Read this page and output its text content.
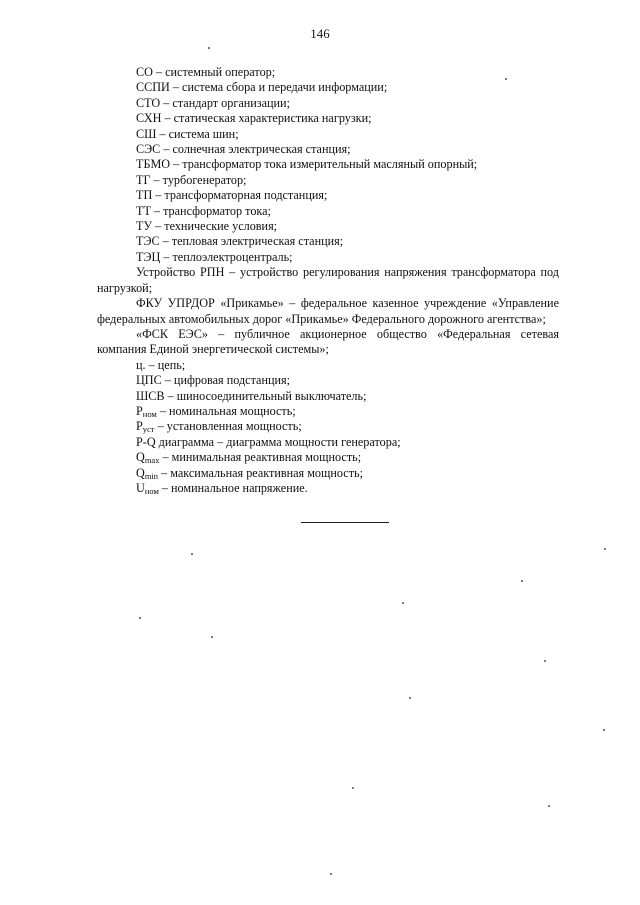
146
СО – системный оператор;
ССПИ – система сбора и передачи информации;
СТО – стандарт организации;
СХН – статическая характеристика нагрузки;
СШ – система шин;
СЭС – солнечная электрическая станция;
ТБМО – трансформатор тока измерительный масляный опорный;
ТГ – турбогенератор;
ТП – трансформаторная подстанция;
ТТ – трансформатор тока;
ТУ – технические условия;
ТЭС – тепловая электрическая станция;
ТЭЦ – теплоэлектроцентраль;
Устройство РПН – устройство регулирования напряжения трансформатора под нагрузкой;
ФКУ УПРДОР «Прикамье» – федеральное казенное учреждение «Управление федеральных автомобильных дорог «Прикамье» Федерального дорожного агентства»;
«ФСК ЕЭС» – публичное акционерное общество «Федеральная сетевая компания Единой энергетической системы»;
ц. – цепь;
ЦПС – цифровая подстанция;
ШСВ – шиносоединительный выключатель;
$P_{ном}$ – номинальная мощность;
$P_{уст}$ – установленная мощность;
P-Q диаграмма – диаграмма мощности генератора;
$Q_{max}$ – минимальная реактивная мощность;
$Q_{min}$ – максимальная реактивная мощность;
$U_{ном}$ – номинальное напряжение.
